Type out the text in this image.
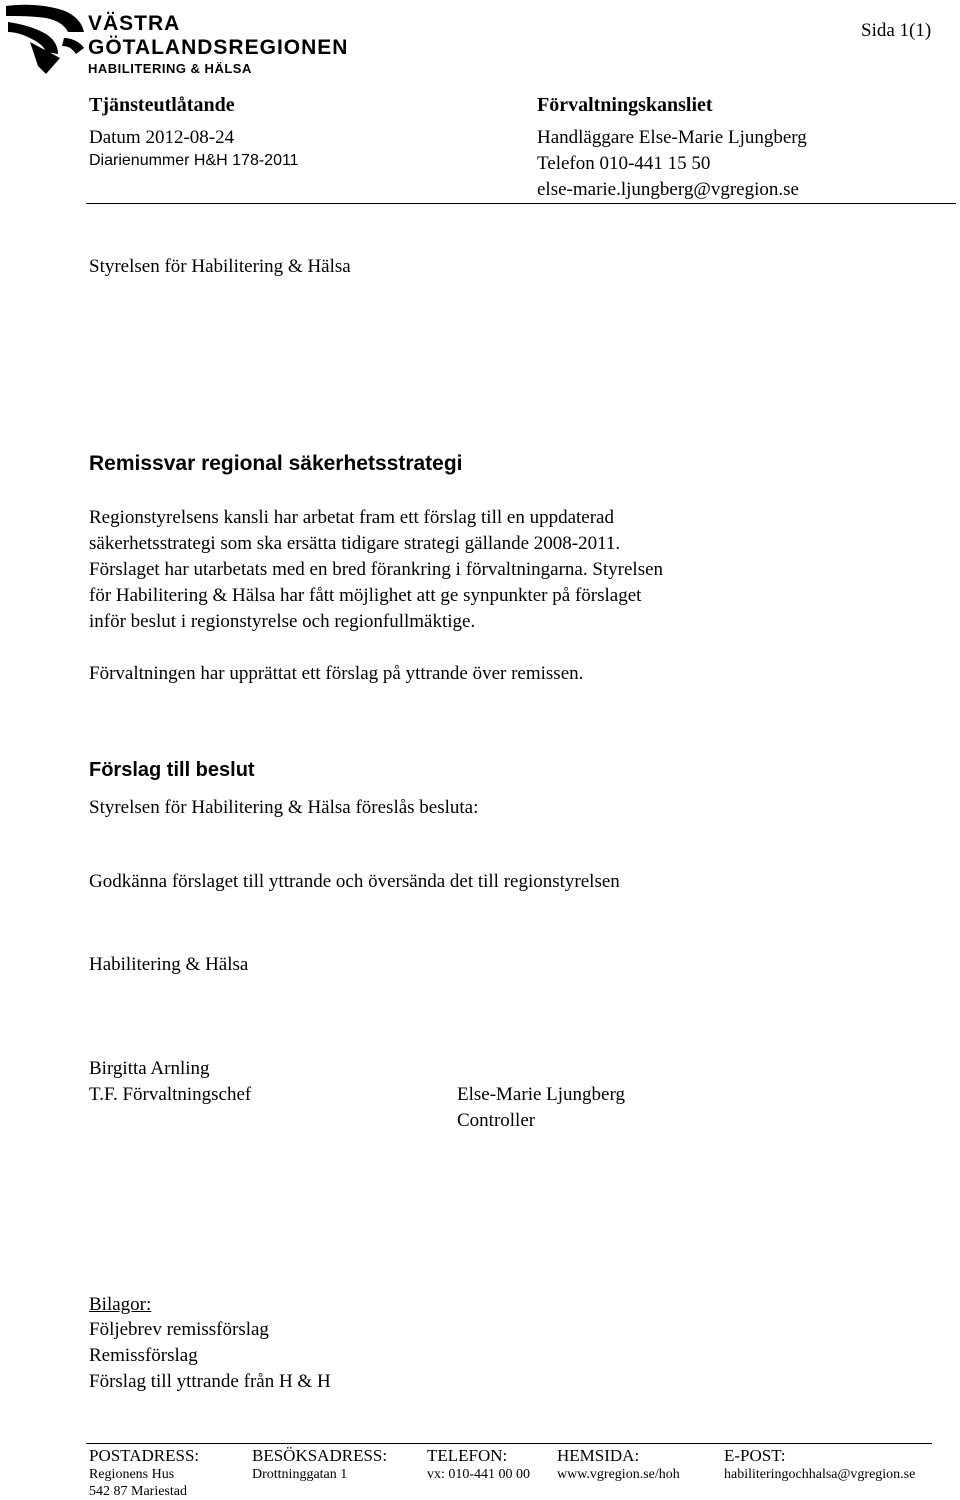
VÄSTRA
GÖTALANDSREGIONEN
HABILITERING & HÄLSA
Sida 1(1)
Tjänsteutlåtande
Datum 2012-08-24
Diarienummer H&H 178-2011
Förvaltningskansliet
Handläggare Else-Marie Ljungberg
Telefon 010-441 15 50
else-marie.ljungberg@vgregion.se
Styrelsen för Habilitering & Hälsa
Remissvar regional säkerhetsstrategi
Regionstyrelsens kansli har arbetat fram ett förslag till en uppdaterad
säkerhetsstrategi som ska ersätta tidigare strategi gällande 2008-2011.
Förslaget har utarbetats med en bred förankring i förvaltningarna. Styrelsen
för Habilitering & Hälsa har fått möjlighet att ge synpunkter på förslaget
inför beslut i regionstyrelse och regionfullmäktige.
Förvaltningen har upprättat ett förslag på yttrande över remissen.
Förslag till beslut
Styrelsen för Habilitering & Hälsa föreslås besluta:
Godkänna förslaget till yttrande och översända det till regionstyrelsen
Habilitering & Hälsa
Birgitta Arnling
T.F. Förvaltningschef	Else-Marie Ljungberg
Controller
Bilagor:
Följebrev remissförslag
Remissförslag
Förslag till yttrande från H & H
POSTADRESS:
Regionens Hus
542 87 Mariestad
BESÖKSADRESS:
Drottninggatan 1
TELEFON:
vx: 010-441 00 00
HEMSIDA:
www.vgregion.se/hoh
E-POST:
habiliteringochhalsa@vgregion.se
